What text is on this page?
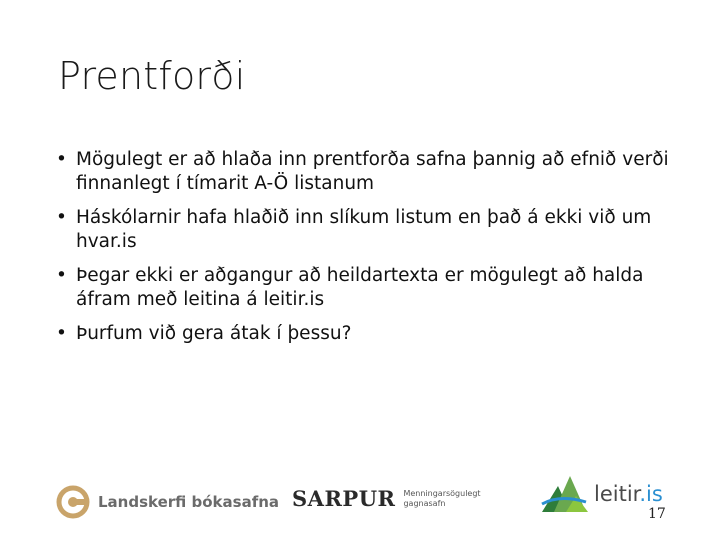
Prentforði
• Mögulegt er að hlaða inn prentforða safna þannig að efnið verði finnanlegt í tímarit A-Ö listanum
• Háskólarnir hafa hlaðið inn slíkum listum en það á ekki við um hvar.is
• Þegar ekki er aðgangur að heildartexta er mögulegt að halda áfram með leitina á leitir.is
• Þurfum við gera átak í þessu?
Landskerfi bókasafna SARPUR Menningarsögulegt
gagnasafn	leitir.is
17
